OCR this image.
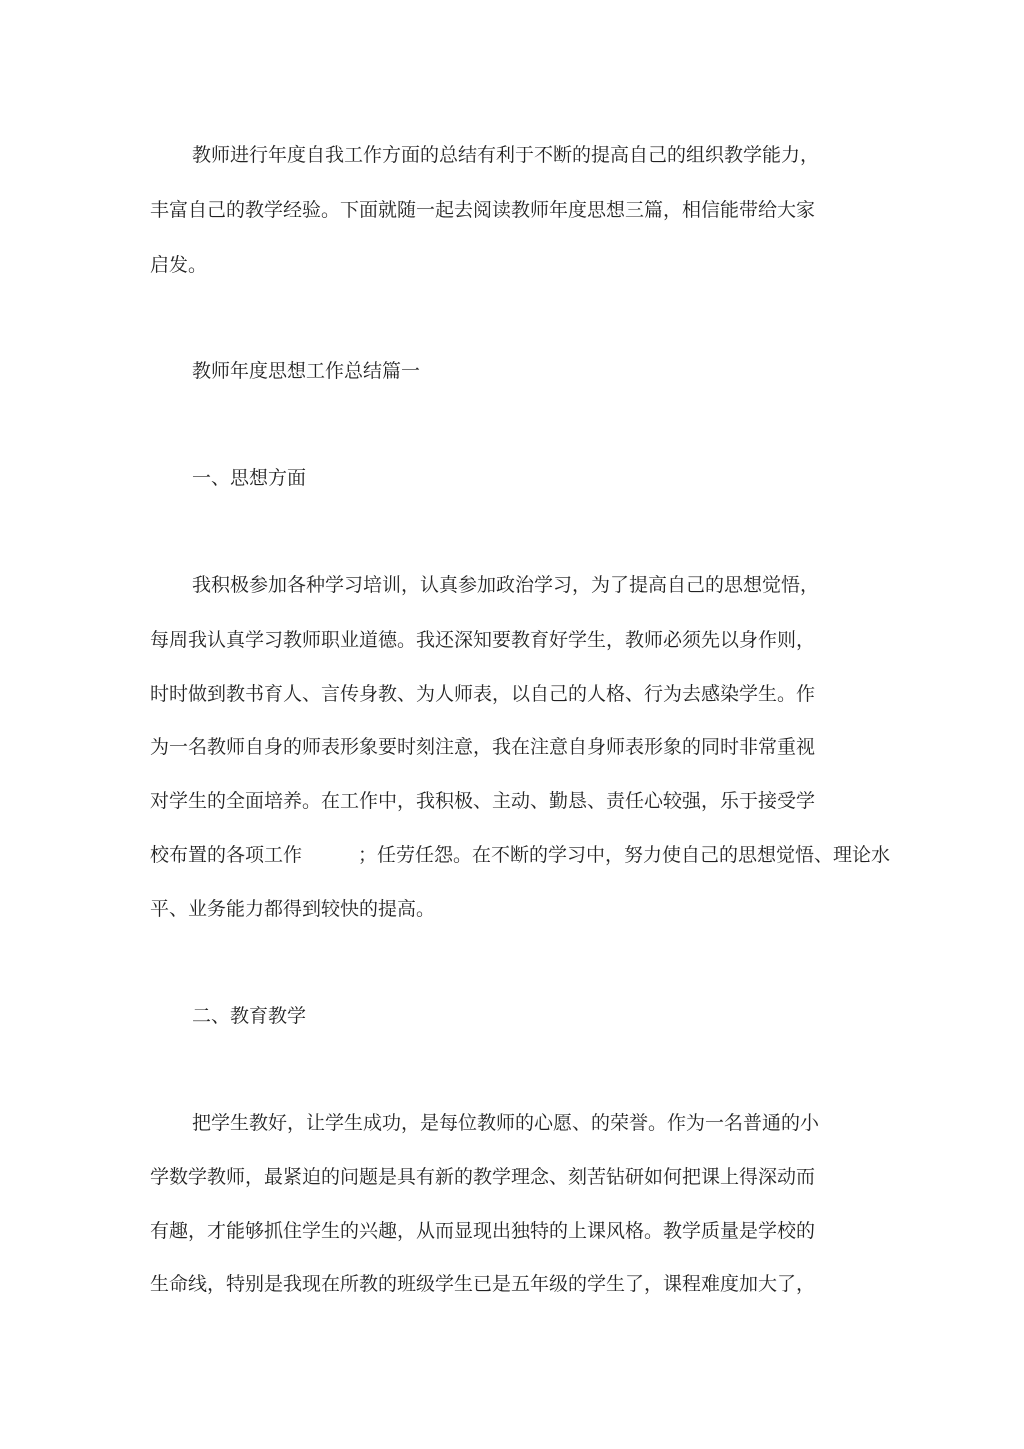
教师进行年度自我工作方面的总结有利于不断的提高自己的组织教学能力，

丰富自己的教学经验。下面就随一起去阅读教师年度思想三篇，相信能带给大家

启发。

教师年度思想工作总结篇一

一、思想方面

我积极参加各种学习培训，认真参加政治学习，为了提高自己的思想觉悟，

每周我认真学习教师职业道德。我还深知要教育好学生，教师必须先以身作则，

时时做到教书育人、言传身教、为人师表，以自己的人格、行为去感染学生。作

为一名教师自身的师表形象要时刻注意，我在注意自身师表形象的同时非常重视

对学生的全面培养。在工作中，我积极、主动、勤恳、责任心较强，乐于接受学

校布置的各项工作	；任劳任怨。在不断的学习中，努力使自己的思想觉悟、理论水

平、业务能力都得到较快的提高。

二、教育教学

把学生教好，让学生成功，是每位教师的心愿、的荣誉。作为一名普通的小

学数学教师，最紧迫的问题是具有新的教学理念、刻苦钻研如何把课上得深动而

有趣，才能够抓住学生的兴趣，从而显现出独特的上课风格。教学质量是学校的

生命线，特别是我现在所教的班级学生已是五年级的学生了，课程难度加大了，
